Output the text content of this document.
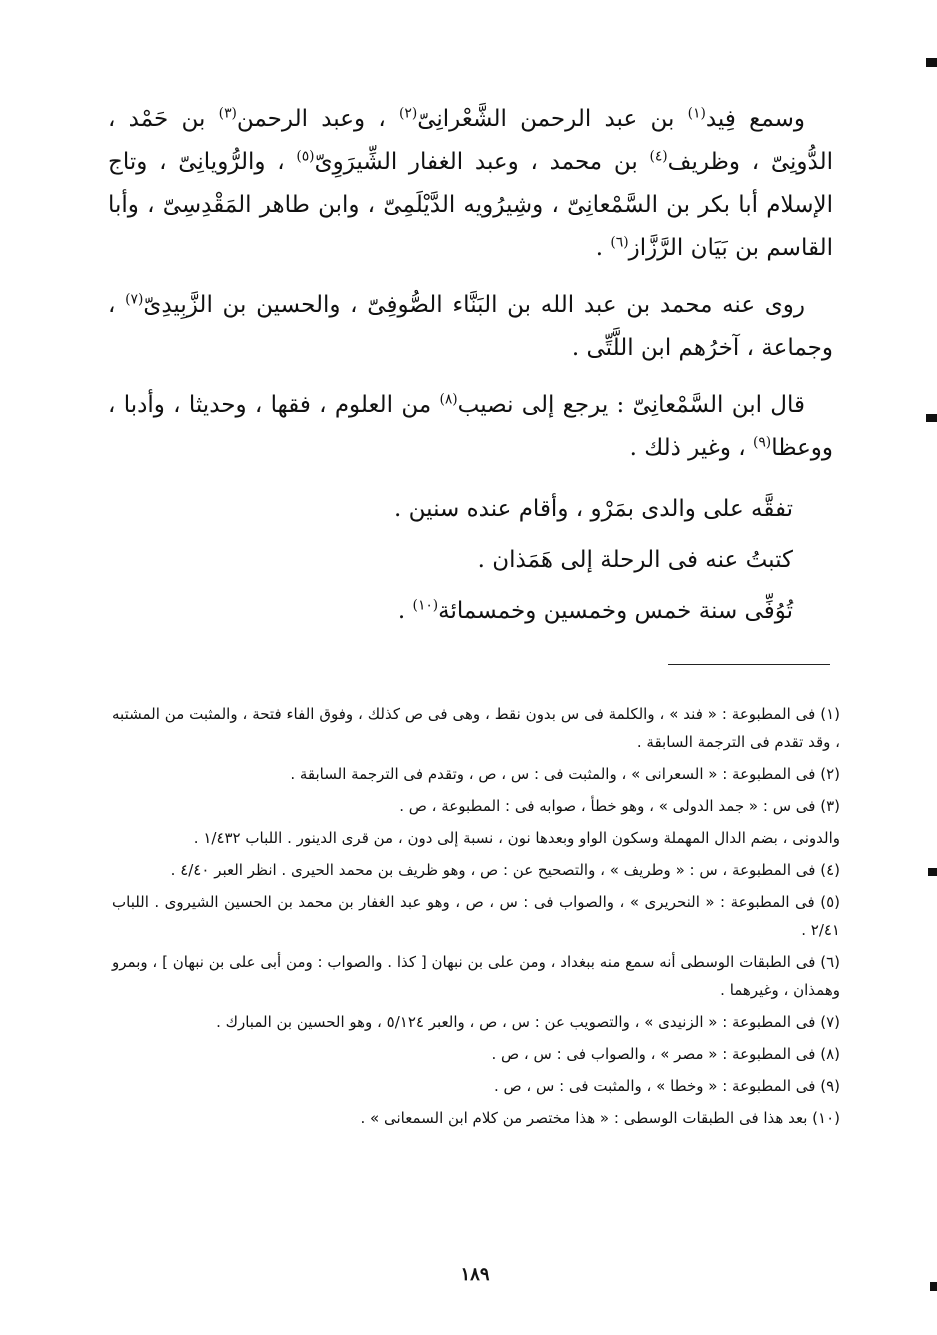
وسمع فِيد$^{(١)}$ بن عبد الرحمن الشَّعْرانِىّ$^{(٢)}$ ، وعبد الرحمن$^{(٣)}$ بن حَمْد ، الدُّونِىّ ، وظريف$^{(٤)}$ بن محمد ، وعبد الغفار الشِّيرَوِىّ$^{(٥)}$ ، والرُّويانِىّ ، وتاج الإسلام أبا بكر بن السَّمْعانِىّ ، وشِيرُويه الدَّيْلَمِىّ ، وابن طاهر المَقْدِسِىّ ، وأبا القاسم بن بَيَان الرَّزَّاز$^{(٦)}$ .

روى عنه محمد بن عبد الله بن البَنَّاء الصُّوفِىّ ، والحسين بن الزَّبِيدِىّ$^{(٧)}$ ، وجماعة ، آخرُهم ابن اللَّتِّى .

قال ابن السَّمْعانِىّ : يرجع إلى نصيب$^{(٨)}$ من العلوم ، فقها ، وحديثا ، وأدبا ، ووعظا$^{(٩)}$ ، وغير ذلك .

تفقَّه على والدى بمَرْو ، وأقام عنده سنين .

كتبتُ عنه فى الرحلة إلى هَمَذان .

تُوُفِّى سنة خمس وخمسين وخمسمائة$^{(١٠)}$ .

(١) فى المطبوعة : « فند » ، والكلمة فى س بدون نقط ، وهى فى ص كذلك ، وفوق الفاء فتحة ، والمثبت من المشتبه ، وقد تقدم فى الترجمة السابقة .

(٢) فى المطبوعة : « السعرانى » ، والمثبت فى : س ، ص ، وتقدم فى الترجمة السابقة .

(٣) فى س : « جمد الدولى » ، وهو خطأ ، صوابه فى : المطبوعة ، ص .

والدونى ، بضم الدال المهملة وسكون الواو وبعدها نون ، نسبة إلى دون ، من قرى الدينور . اللباب ١/٤٣٢ .

(٤) فى المطبوعة ، س : « وطريف » ، والتصحيح عن : ص ، وهو ظريف بن محمد الحيرى . انظر العبر ٤/٤٠ .

(٥) فى المطبوعة : « النحريرى » ، والصواب فى : س ، ص ، وهو عبد الغفار بن محمد بن الحسين الشيروى . اللباب ٢/٤١ .

(٦) فى الطبقات الوسطى أنه سمع منه ببغداد ، ومن على بن نبهان [ كذا . والصواب : ومن أبى على بن نبهان ] ، وبمرو وهمذان ، وغيرهما .

(٧) فى المطبوعة : « الزنيدى » ، والتصويب عن : س ، ص ، والعبر ٥/١٢٤ ، وهو الحسين بن المبارك .

(٨) فى المطبوعة : « مصر » ، والصواب فى : س ، ص .

(٩) فى المطبوعة : « وخطا » ، والمثبت فى : س ، ص .

(١٠) بعد هذا فى الطبقات الوسطى : « هذا مختصر من كلام ابن السمعانى » .

١٨٩
